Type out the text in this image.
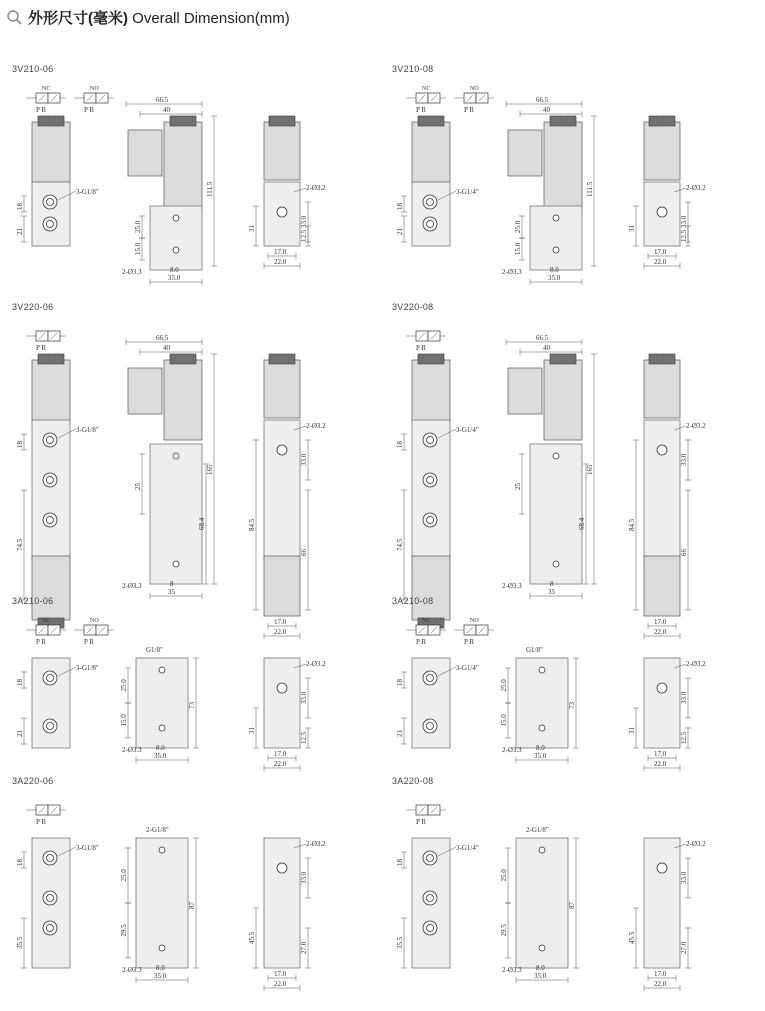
外形尺寸(毫米) Overall Dimension(mm)
3V210-06
NC	NO
P R	P R
3-G1/8"
18
21
66.5
40
111.5
2-Ø3.3
25.0
15.0
35.0
8.0
2-Ø3.2
33.0
31
12.5
17.0
22.0
3V210-08
NC	NO
P R	P R
3-G1/4"
18
21
66.5
40
111.5
2-Ø3.3
25.0
15.0
35.0
8.0
2-Ø3.2
33.0
31
12.5
17.0
22.0
3V220-06
P R
3-G1/8"
18
74.5
66.5
40
165
2-Ø3.3
25
68.4
35
8
2-Ø3.2
33.0
84.5
66
17.0
22.0
3V220-08
P R
3-G1/4"
18
74.5
66.5
40
165
2-Ø3.3
25
68.4
35
8
2-Ø3.2
33.0
84.5
66
17.0
22.0
3A210-06
NC	NO
P R	P R
3-G1/8"
18
21
G1/8"
73
2-Ø3.3
25.0
15.0
35.0
8.0
2-Ø3.2
33.0
31
12.5
17.0
22.0
3A210-08
NC	NO
P R	P R
3-G1/4"
18
21
G1/8"
73
2-Ø3.3
25.0
15.0
35.0
8.0
2-Ø3.2
33.0
31
12.5
17.0
22.0
3A220-06
P R
3-G1/8"
18
35.5
2-G1/8"
87
2-Ø3.3
25.0
29.5
35.0
8.0
2-Ø3.2
33.0
45.5
27.0
17.0
22.0
3A220-08
P R
3-G1/4"
18
35.5
2-G1/8"
87
2-Ø3.3
25.0
29.5
35.0
8.0
2-Ø3.2
33.0
45.5
27.0
17.0
22.0
